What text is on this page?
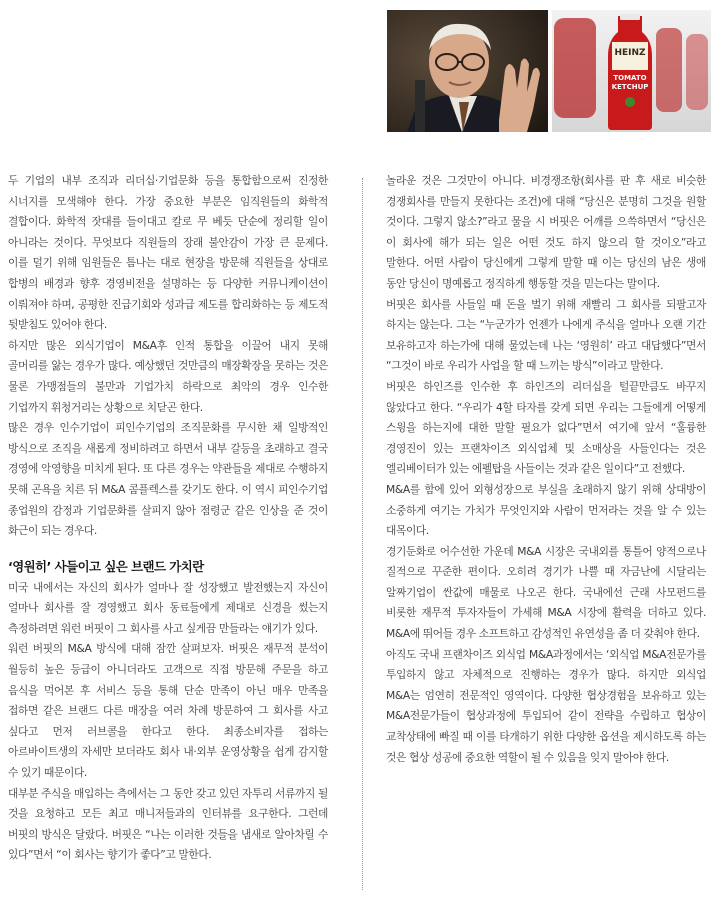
HEINZ
TOMATO
KETCHUP

두 기업의 내부 조직과 리더십·기업문화 등을 통합함으로써 진정한 시너지를 모색해야 한다. 가장 중요한 부분은 임직원들의 화학적 결합이다. 화학적 잣대를 들이대고 칼로 무 베듯 단순에 정리할 일이 아니라는 것이다. 무엇보다 직원들의 장래 불안감이 가장 큰 문제다. 이를 덜기 위해 임원들은 틈나는 대로 현장을 방문해 직원들을 상대로 합병의 배경과 향후 경영비전을 설명하는 등 다양한 커뮤니케이션이 이뤄져야 하며, 공평한 진급기회와 성과급 제도를 합리화하는 등 제도적 뒷받침도 있어야 한다.

하지만 많은 외식기업이 M&A후 인적 통합을 이끌어 내지 못해 골머리를 앓는 경우가 많다. 예상했던 것만큼의 매장확장을 못하는 것은 물론 가맹점들의 불만과 기업가치 하락으로 최악의 경우 인수한 기업까지 휘청거리는 상황으로 치닫곤 한다.

많은 경우 인수기업이 피인수기업의 조직문화를 무시한 채 일방적인 방식으로 조직을 새롭게 정비하려고 하면서 내부 갈등을 초래하고 결국 경영에 악영향을 미치게 된다. 또 다른 경우는 약관들을 제대로 수행하지 못해 곤욕을 치른 뒤 M&A 콤플렉스를 갖기도 한다. 이 역시 피인수기업 종업원의 감정과 기업문화를 살피지 않아 점령군 같은 인상을 준 것이 화근이 되는 경우다.

‘영원히’ 사들이고 싶은 브랜드 가치란

미국 내에서는 자신의 회사가 얼마나 잘 성장했고 발전했는지 자신이 얼마나 회사를 잘 경영했고 회사 동료들에게 제대로 신경을 썼는지 측정하려면 워런 버핏이 그 회사를 사고 싶게끔 만들라는 얘기가 있다.

워런 버핏의 M&A 방식에 대해 잠깐 살펴보자. 버핏은 재무적 분석이 월등히 높은 등급이 아니더라도 고객으로 직접 방문해 주문을 하고 음식을 먹어본 후 서비스 등을 통해 단순 만족이 아닌 매우 만족을 접하면 같은 브랜드 다른 매장을 여러 차례 방문하여 그 회사를 사고 싶다고 먼저 러브콜을 한다고 한다. 최종소비자를 접하는 아르바이트생의 자세만 보더라도 회사 내·외부 운영상황을 쉽게 감지할 수 있기 때문이다.

대부분 주식을 매입하는 측에서는 그 동안 갖고 있던 자투리 서류까지 될 것을 요청하고 모든 최고 매니저들과의 인터뷰를 요구한다. 그런데 버핏의 방식은 달랐다. 버핏은 “나는 이러한 것들을 냄새로 알아차릴 수 있다”면서 “이 회사는 향기가 좋다”고 말한다.

놀라운 것은 그것만이 아니다. 비경쟁조항(회사를 판 후 새로 비슷한 경쟁회사를 만들지 못한다는 조건)에 대해 “당신은 분명히 그것을 원할 것이다. 그렇지 않소?”라고 물을 시 버핏은 어깨를 으쓱하면서 “당신은 이 회사에 해가 되는 일은 어떤 것도 하지 않으리 할 것이오”라고 말한다. 어떤 사람이 당신에게 그렇게 말할 때 이는 당신의 남은 생애 동안 당신이 명예롭고 정직하게 행동할 것을 믿는다는 말이다.

버핏은 회사를 사들일 때 돈을 벌기 위해 재빨리 그 회사를 되팔고자 하지는 않는다. 그는 “누군가가 언젠가 나에게 주식을 얼마나 오랜 기간 보유하고자 하는가에 대해 물었는데 나는 ‘영원히’ 라고 대답했다”면서 “그것이 바로 우리가 사업을 할 때 느끼는 방식”이라고 말한다.

버핏은 하인즈를 인수한 후 하인즈의 리더십을 털끝만큼도 바꾸지 않았다고 한다. “우리가 4할 타자를 갖게 되면 우리는 그들에게 어떻게 스윙을 하는지에 대한 말할 필요가 없다”면서 여기에 앞서 “훌륭한 경영진이 있는 프랜차이즈 외식업체 및 소매상을 사들인다는 것은 엘리베이터가 있는 에펠탑을 사들이는 것과 같은 일이다”고 전했다.

M&A를 함에 있어 외형성장으로 부실을 초래하지 않기 위해 상대방이 소중하게 여기는 가치가 무엇인지와 사람이 먼저라는 것을 알 수 있는 대목이다.

경기둔화로 어수선한 가운데 M&A 시장은 국내외를 통틀어 양적으로나 질적으로 꾸준한 편이다. 오히려 경기가 나쁠 때 자금난에 시달리는 알짜기업이 싼값에 매물로 나오곤 한다. 국내에선 근래 사모펀드를 비롯한 재무적 투자자들이 가세해 M&A 시장에 활력을 더하고 있다. M&A에 뛰어들 경우 소프트하고 감성적인 유연성을 좀 더 갖춰야 한다.

아직도 국내 프랜차이즈 외식업 M&A과정에서는 ‘외식업 M&A전문가를 투입하지 않고 자체적으로 진행하는 경우가 많다. 하지만 외식업 M&A는 엄연히 전문적인 영역이다. 다양한 협상경험을 보유하고 있는 M&A전문가들이 협상과정에 투입되어 같이 전략을 수립하고 협상이 교착상태에 빠질 때 이를 타개하기 위한 다양한 옵션을 제시하도록 하는 것은 협상 성공에 중요한 역할이 될 수 있음을 잊지 말아야 한다.
